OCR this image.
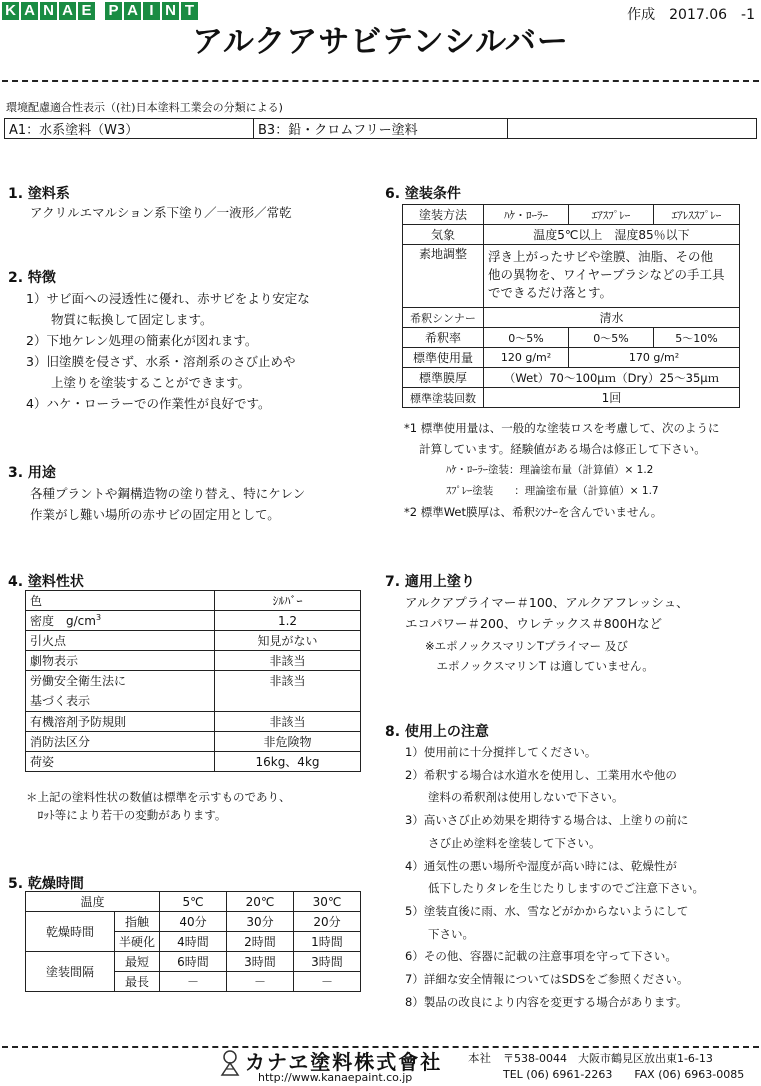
K A N A E P A I N T	作成　2017.06　-1
アルクアサビテンシルバー
環境配慮適合性表示（(社)日本塗料工業会の分類による)
A1：水系塗料（W3）	B3：鉛・クロムフリー塗料	
1. 塗料系
アクリルエマルション系下塗り／一液形／常乾
2. 特徴
1）サビ面への浸透性に優れ、赤サビをより安定な
　　物質に転換して固定します。
2）下地ケレン処理の簡素化が図れます。
3）旧塗膜を侵さず、水系・溶剤系のさび止めや
　　上塗りを塗装することができます。
4）ハケ・ローラーでの作業性が良好です。
3. 用途
各種プラントや鋼構造物の塗り替え、特にケレン
作業がし難い場所の赤サビの固定用として。
4. 塗料性状
色	ｼﾙﾊﾞｰ
密度　$g/cm^3$	1.2
引火点	知見がない
劇物表示	非該当

労働安全衛生法に
基づく表示	非該当
有機溶剤予防規則	非該当
消防法区分	非危険物
荷姿	16kg、4kg
＊上記の塗料性状の数値は標準を示すものであり、
　ﾛｯﾄ等により若干の変動があります。
5. 乾燥時間
温度		5℃	20℃	30℃
乾燥時間	指触	40分	30分	20分
	半硬化	4時間	2時間	1時間
塗装間隔	最短	6時間	3時間	3時間
	最長	－	－	－
6. 塗装条件
塗装方法	ﾊｹ・ﾛｰﾗｰ	ｴｱｽﾌﾟﾚｰ	ｴｱﾚｽｽﾌﾟﾚｰ
気象	温度5℃以上　湿度85％以下		
素地調整	浮き上がったサビや塗膜、油脂、その他
他の異物を、ワイヤーブラシなどの手工具
でできるだけ落とす。		

希釈シンナー	清水		
希釈率	0～5%	0～5%	5～10%
標準使用量	120 g/m²	170 g/m²	
標準膜厚	（Wet）70～100μｍ（Dry）25～35μｍ		
標準塗装回数	1回		
*1 標準使用量は、一般的な塗装ロスを考慮して、次のように
　 計算しています。経験値がある場合は修正して下さい。
　　　　ﾊｹ・ﾛｰﾗｰ塗装：理論塗布量（計算値）× 1.2
　　　　ｽﾌﾟﾚｰ塗装　　：理論塗布量（計算値）× 1.7
*2 標準Wet膜厚は、希釈ｼﾝﾅｰを含んでいません。
7. 適用上塗り
アルクアプライマー＃100、アルクアフレッシュ、
エコパワー＃200、ウレテックス＃800Hなど
※エポノックスマリンTプライマー 及び
　エポノックスマリンT は適していません。
8. 使用上の注意
1）使用前に十分撹拌してください。
2）希釈する場合は水道水を使用し、工業用水や他の
　　塗料の希釈剤は使用しないで下さい。
3）高いさび止め効果を期待する場合は、上塗りの前に
　　さび止め塗料を塗装して下さい。
4）通気性の悪い場所や湿度が高い時には、乾燥性が
　　低下したりタレを生じたりしますのでご注意下さい。
5）塗装直後に雨、水、雪などがかからないようにして
　　下さい。
6）その他、容器に記載の注意事項を守って下さい。
7）詳細な安全情報についてはSDSをご参照ください。
8）製品の改良により内容を変更する場合があります。
カナヱ塗料株式會社
http://www.kanaepaint.co.jp
本社 〒538-0044　大阪市鶴見区放出東1-6-13
TEL (06) 6961-2263　　FAX (06) 6963-0085
